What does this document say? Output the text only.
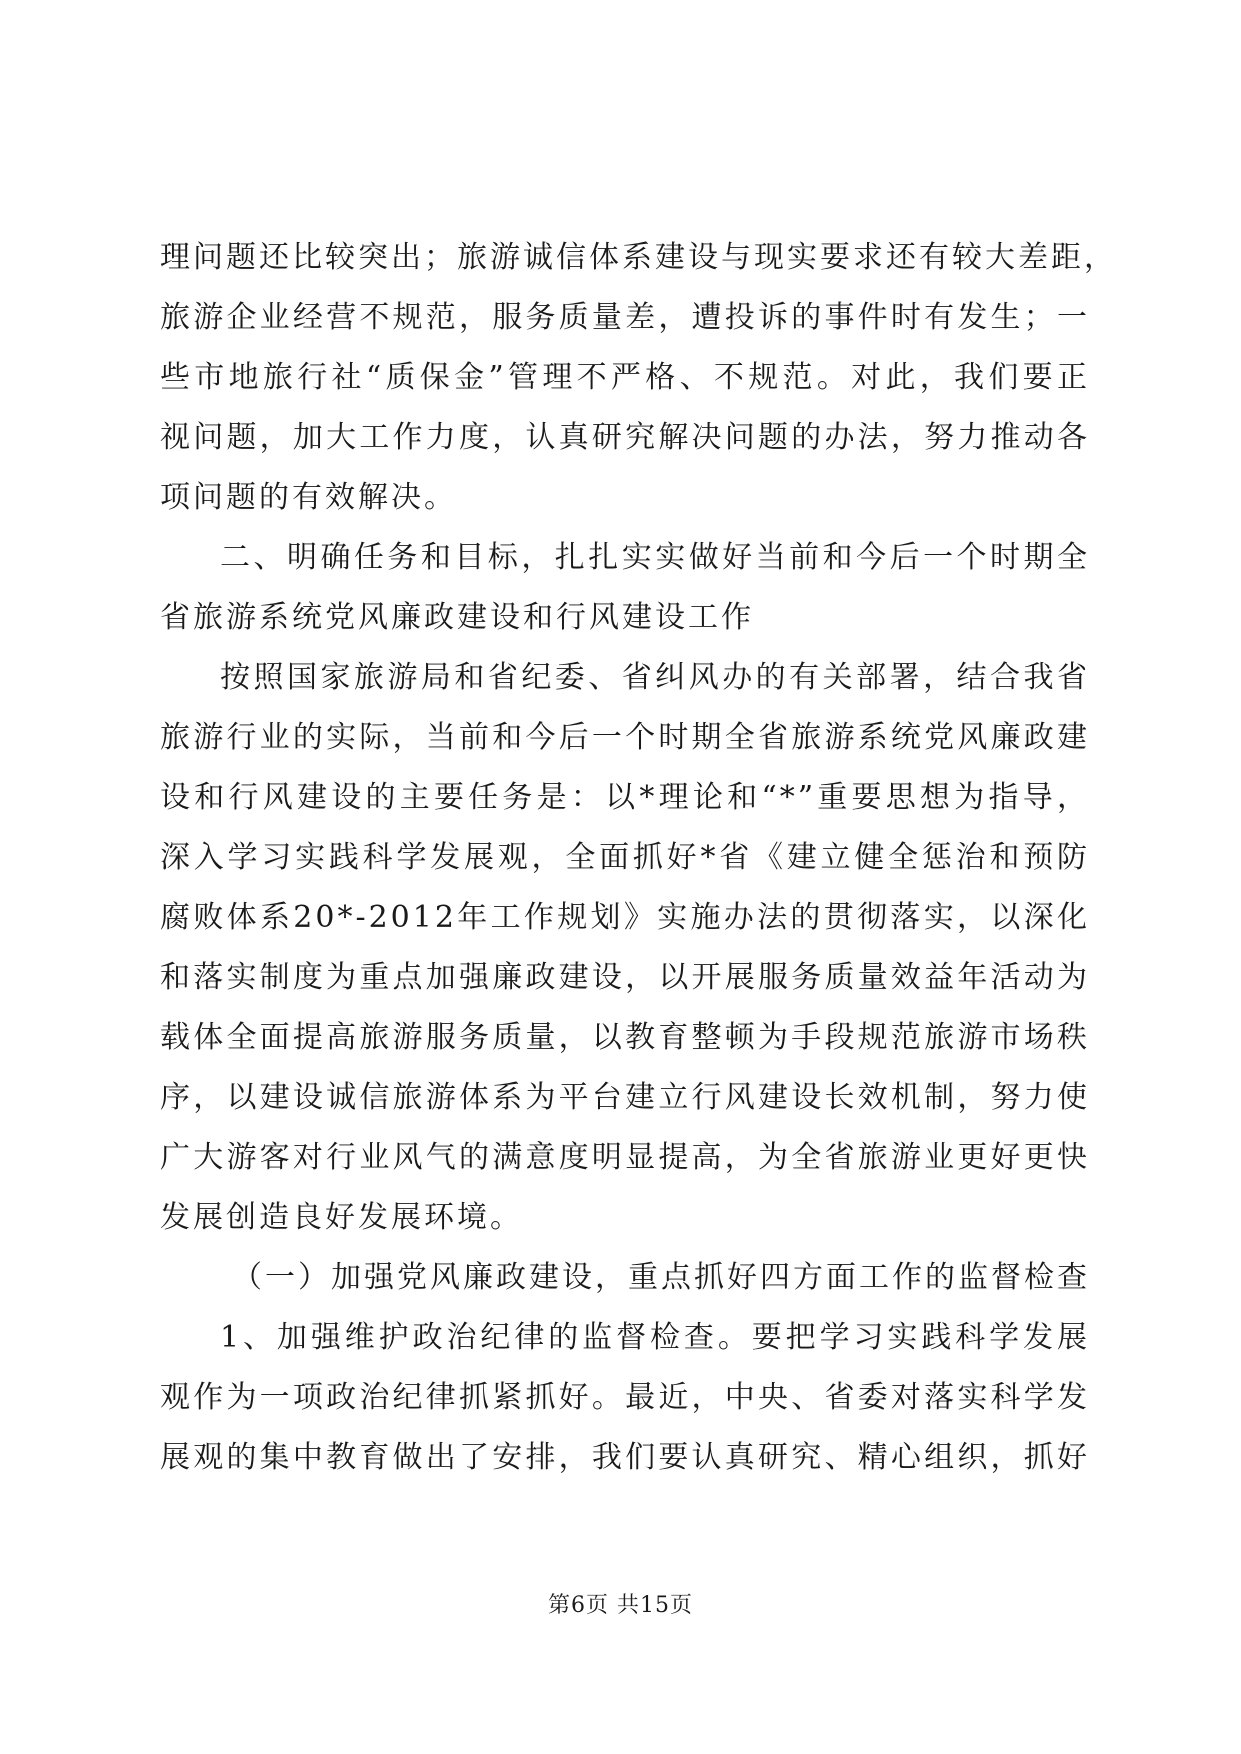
理问题还比较突出；旅游诚信体系建设与现实要求还有较大差距，
旅游企业经营不规范，服务质量差，遭投诉的事件时有发生；一
些市地旅行社“质保金”管理不严格、不规范。对此，我们要正
视问题，加大工作力度，认真研究解决问题的办法，努力推动各
项问题的有效解决。
二、明确任务和目标，扎扎实实做好当前和今后一个时期全
省旅游系统党风廉政建设和行风建设工作
按照国家旅游局和省纪委、省纠风办的有关部署，结合我省
旅游行业的实际，当前和今后一个时期全省旅游系统党风廉政建
设和行风建设的主要任务是：以*理论和“*”重要思想为指导，
深入学习实践科学发展观，全面抓好*省《建立健全惩治和预防
腐败体系20*-2012年工作规划》实施办法的贯彻落实，以深化
和落实制度为重点加强廉政建设，以开展服务质量效益年活动为
载体全面提高旅游服务质量，以教育整顿为手段规范旅游市场秩
序，以建设诚信旅游体系为平台建立行风建设长效机制，努力使
广大游客对行业风气的满意度明显提高，为全省旅游业更好更快
发展创造良好发展环境。
（一）加强党风廉政建设，重点抓好四方面工作的监督检查
1、加强维护政治纪律的监督检查。要把学习实践科学发展
观作为一项政治纪律抓紧抓好。最近，中央、省委对落实科学发
展观的集中教育做出了安排，我们要认真研究、精心组织，抓好
第6页 共15页
